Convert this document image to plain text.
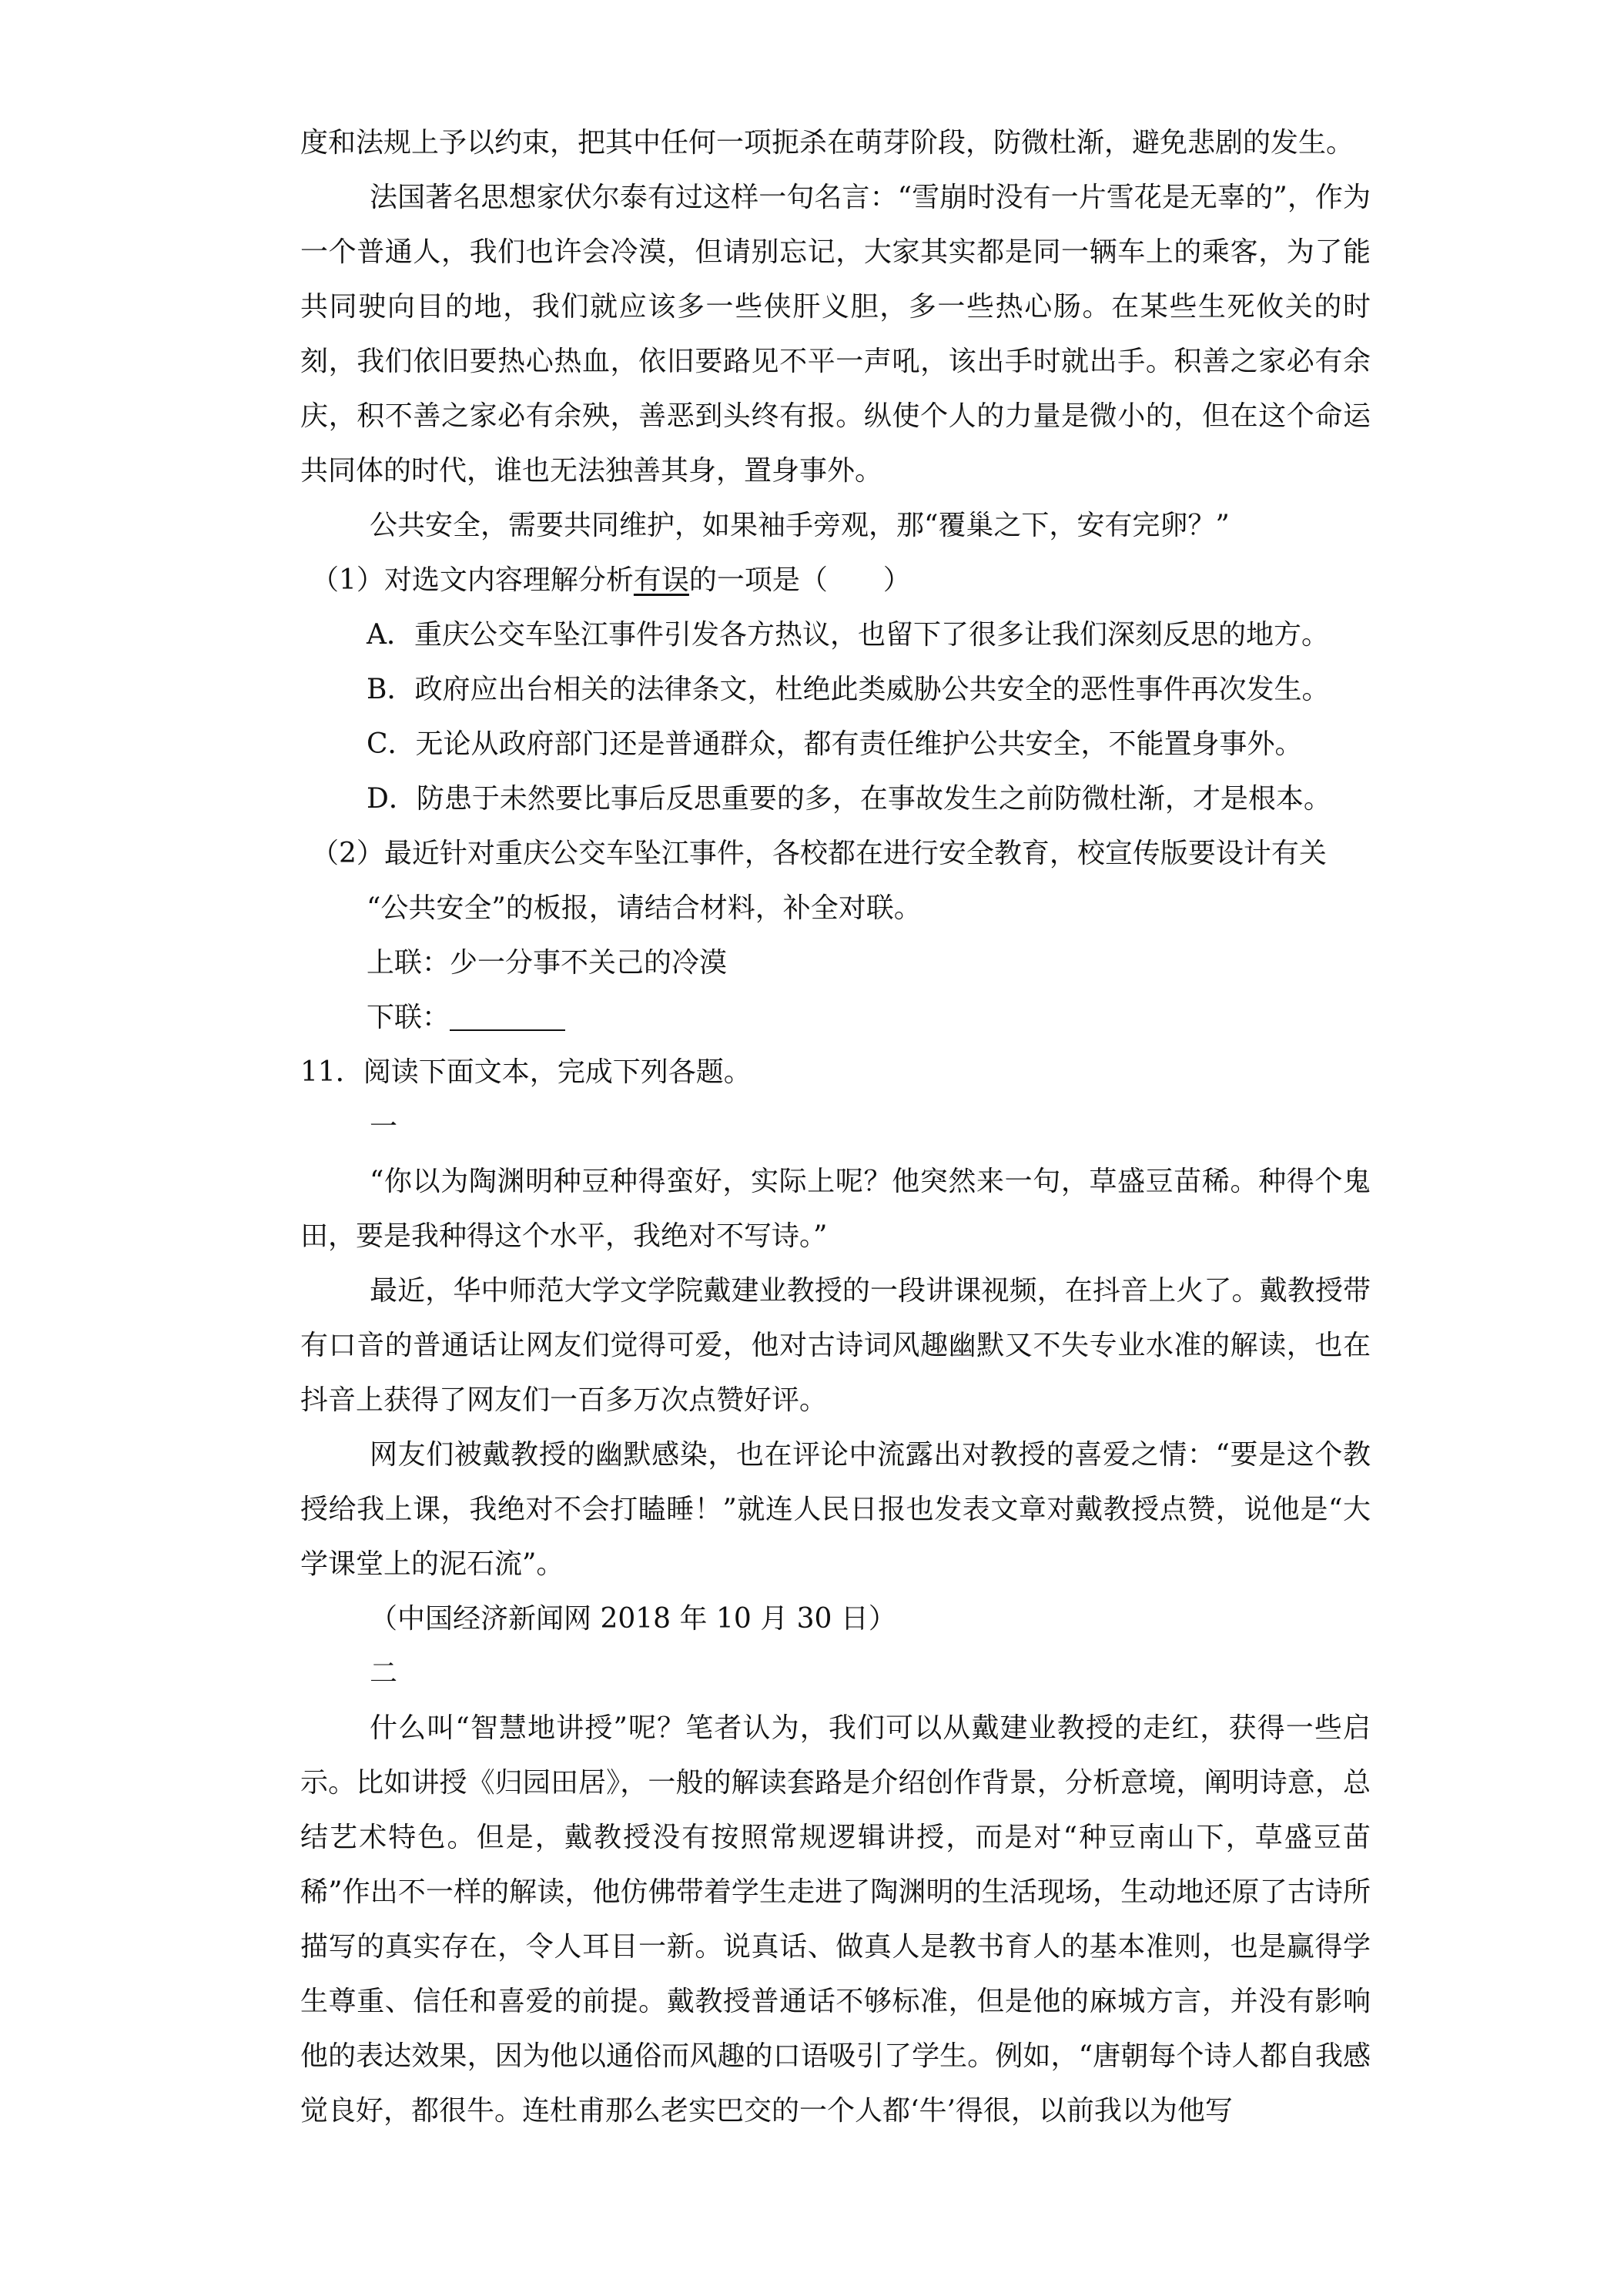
度和法规上予以约束，把其中任何一项扼杀在萌芽阶段，防微杜渐，避免悲剧的发生。

法国著名思想家伏尔泰有过这样一句名言：“雪崩时没有一片雪花是无辜的”，作为一个普通人，我们也许会冷漠，但请别忘记，大家其实都是同一辆车上的乘客，为了能共同驶向目的地，我们就应该多一些侠肝义胆，多一些热心肠。在某些生死攸关的时刻，我们依旧要热心热血，依旧要路见不平一声吼，该出手时就出手。积善之家必有余庆，积不善之家必有余殃，善恶到头终有报。纵使个人的力量是微小的，但在这个命运共同体的时代，谁也无法独善其身，置身事外。

公共安全，需要共同维护，如果袖手旁观，那“覆巢之下，安有完卵？”

（1）对选文内容理解分析有误的一项是（　　）

A．重庆公交车坠江事件引发各方热议，也留下了很多让我们深刻反思的地方。

B．政府应出台相关的法律条文，杜绝此类威胁公共安全的恶性事件再次发生。

C．无论从政府部门还是普通群众，都有责任维护公共安全，不能置身事外。

D．防患于未然要比事后反思重要的多，在事故发生之前防微杜渐，才是根本。

（2）最近针对重庆公交车坠江事件，各校都在进行安全教育，校宣传版要设计有关

“公共安全”的板报，请结合材料，补全对联。

上联：少一分事不关己的冷漠

下联：

11．阅读下面文本，完成下列各题。

一

“你以为陶渊明种豆种得蛮好，实际上呢？他突然来一句，草盛豆苗稀。种得个鬼田，要是我种得这个水平，我绝对不写诗。”

最近，华中师范大学文学院戴建业教授的一段讲课视频，在抖音上火了。戴教授带有口音的普通话让网友们觉得可爱，他对古诗词风趣幽默又不失专业水准的解读，也在抖音上获得了网友们一百多万次点赞好评。

网友们被戴教授的幽默感染，也在评论中流露出对教授的喜爱之情：“要是这个教授给我上课，我绝对不会打瞌睡！”就连人民日报也发表文章对戴教授点赞，说他是“大学课堂上的泥石流”。

（中国经济新闻网 2018 年 10 月 30 日）

二

什么叫“智慧地讲授”呢？笔者认为，我们可以从戴建业教授的走红，获得一些启示。比如讲授《归园田居》，一般的解读套路是介绍创作背景，分析意境，阐明诗意，总结艺术特色。但是，戴教授没有按照常规逻辑讲授，而是对“种豆南山下，草盛豆苗稀”作出不一样的解读，他仿佛带着学生走进了陶渊明的生活现场，生动地还原了古诗所描写的真实存在，令人耳目一新。说真话、做真人是教书育人的基本准则，也是赢得学生尊重、信任和喜爱的前提。戴教授普通话不够标准，但是他的麻城方言，并没有影响他的表达效果，因为他以通俗而风趣的口语吸引了学生。例如，“唐朝每个诗人都自我感觉良好，都很牛。连杜甫那么老实巴交的一个人都‘牛’得很，以前我以为他写
